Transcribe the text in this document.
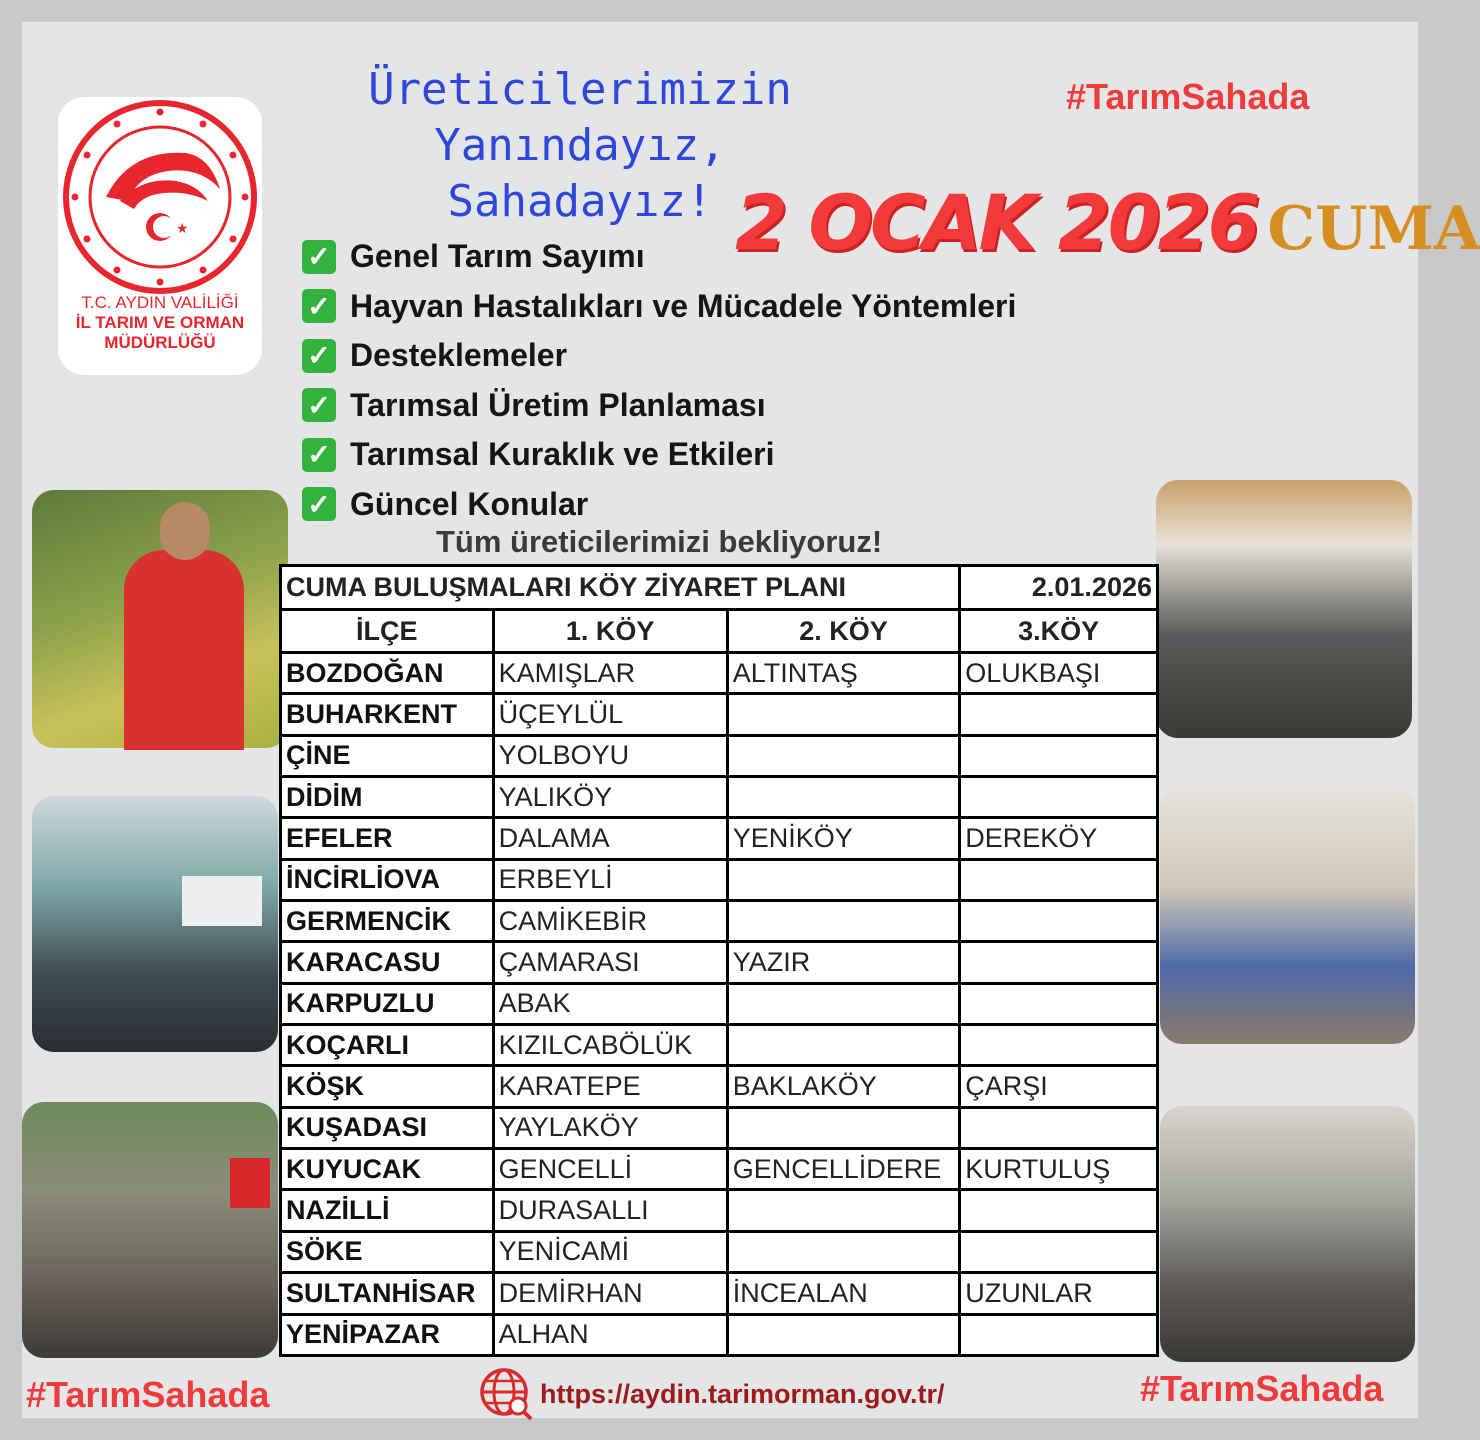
★
T.C. AYDIN VALİLİĞİ
İL TARIM VE ORMAN
MÜDÜRLÜĞÜ
Üreticilerimizin
Yanındayız,
Sahadayız!
#TarımSahada
2 OCAK 2026 CUMA
✓ Genel Tarım Sayımı
✓ Hayvan Hastalıkları ve Mücadele Yöntemleri
✓ Desteklemeler
✓ Tarımsal Üretim Planlaması
✓ Tarımsal Kuraklık ve Etkileri
✓ Güncel Konular
Tüm üreticilerimizi bekliyoruz!
CUMA BULUŞMALARI KÖY ZİYARET PLANI			2.01.2026
İLÇE	1. KÖY	2. KÖY	3.KÖY
BOZDOĞAN	KAMIŞLAR	ALTINTAŞ	OLUKBAŞI
BUHARKENT	ÜÇEYLÜL		
ÇİNE	YOLBOYU		
DİDİM	YALIKÖY		
EFELER	DALAMA	YENİKÖY	DEREKÖY
İNCİRLİOVA	ERBEYLİ		
GERMENCİK	CAMİKEBİR		
KARACASU	ÇAMARASI	YAZIR	
KARPUZLU	ABAK		
KOÇARLI	KIZILCABÖLÜK		
KÖŞK	KARATEPE	BAKLAKÖY	ÇARŞI
KUŞADASI	YAYLAKÖY		
KUYUCAK	GENCELLİ	GENCELLİDERE	KURTULUŞ
NAZİLLİ	DURASALLI		
SÖKE	YENİCAMİ		
SULTANHİSAR	DEMİRHAN	İNCEALAN	UZUNLAR
YENİPAZAR	ALHAN		
#TarımSahada	#TarımSahada
https://aydin.tarimorman.gov.tr/
